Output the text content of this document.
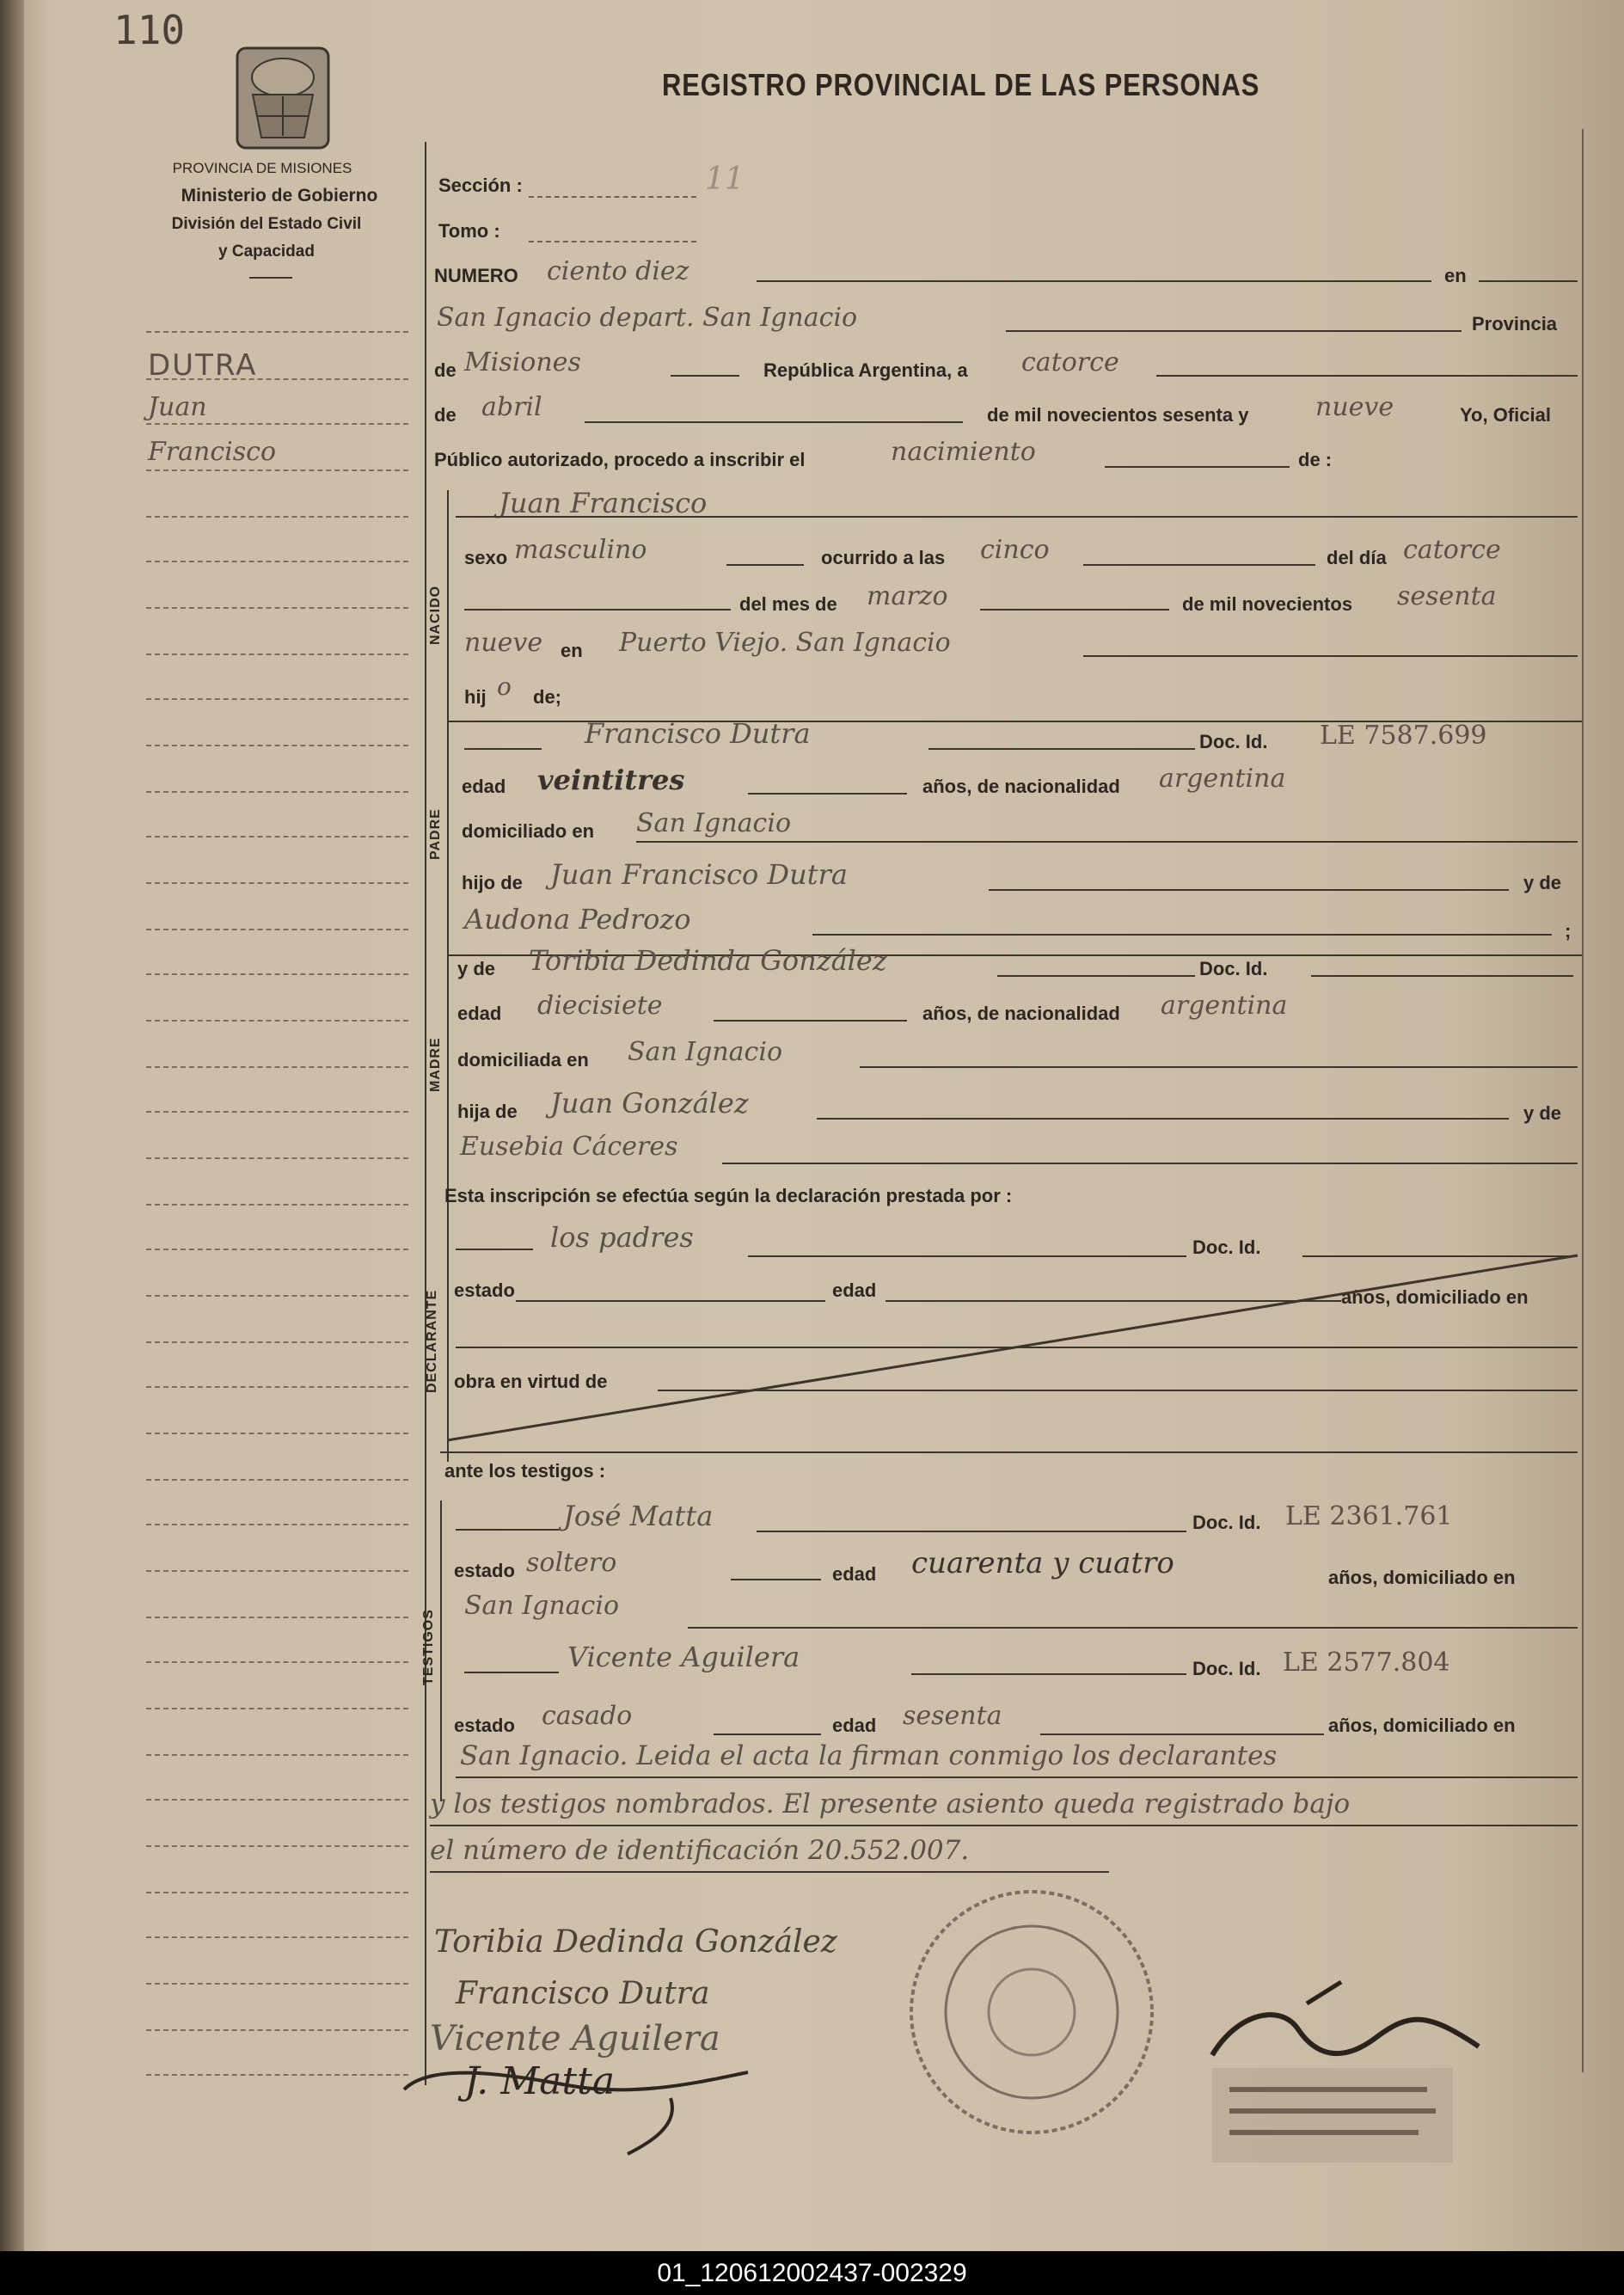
110
REGISTRO PROVINCIAL DE LAS PERSONAS
PROVINCIA DE MISIONES
Ministerio de Gobierno
División del Estado Civil
y Capacidad
DUTRA
Juan
Francisco
Sección :	11
Tomo :
NUMERO ciento diez	en
San Ignacio depart. San Ignacio	Provincia
de Misiones	República Argentina, a catorce
de abril	de mil novecientos sesenta y	nueve	Yo, Oficial
Público autorizado, procedo a inscribir el	nacimiento	de :
NACIDO
Juan Francisco
sexo masculino	ocurrido a las cinco	del día catorce
del mes de marzo	de mil novecientos sesenta
nueve en Puerto Viejo. San Ignacio
hij o de;
PADRE
Francisco Dutra	Doc. Id. LE 7587.699
edad veintitres	años, de nacionalidad argentina
domiciliado en San Ignacio
hijo de Juan Francisco Dutra	y de
Audona Pedrozo	;
MADRE
y de Toribia Dedinda González	Doc. Id.
edad diecisiete	años, de nacionalidad argentina
domiciliada en San Ignacio
hija de Juan González	y de
Eusebia Cáceres
Esta inscripción se efectúa según la declaración prestada por :
DECLARANTE
los padres	Doc. Id.
estado	edad	años, domiciliado en
obra en virtud de
ante los testigos :
TESTIGOS
José Matta	Doc. Id. LE 2361.761
estado soltero	edad cuarenta y cuatro	años, domiciliado en
San Ignacio
Vicente Aguilera	Doc. Id. LE 2577.804
estado casado	edad sesenta	años, domiciliado en
San Ignacio. Leida el acta la firman conmigo los declarantes
y los testigos nombrados. El presente asiento queda registrado bajo
el número de identificación 20.552.007.
Toribia Dedinda González
Francisco Dutra
Vicente Aguilera
J. Matta
01_120612002437-002329
